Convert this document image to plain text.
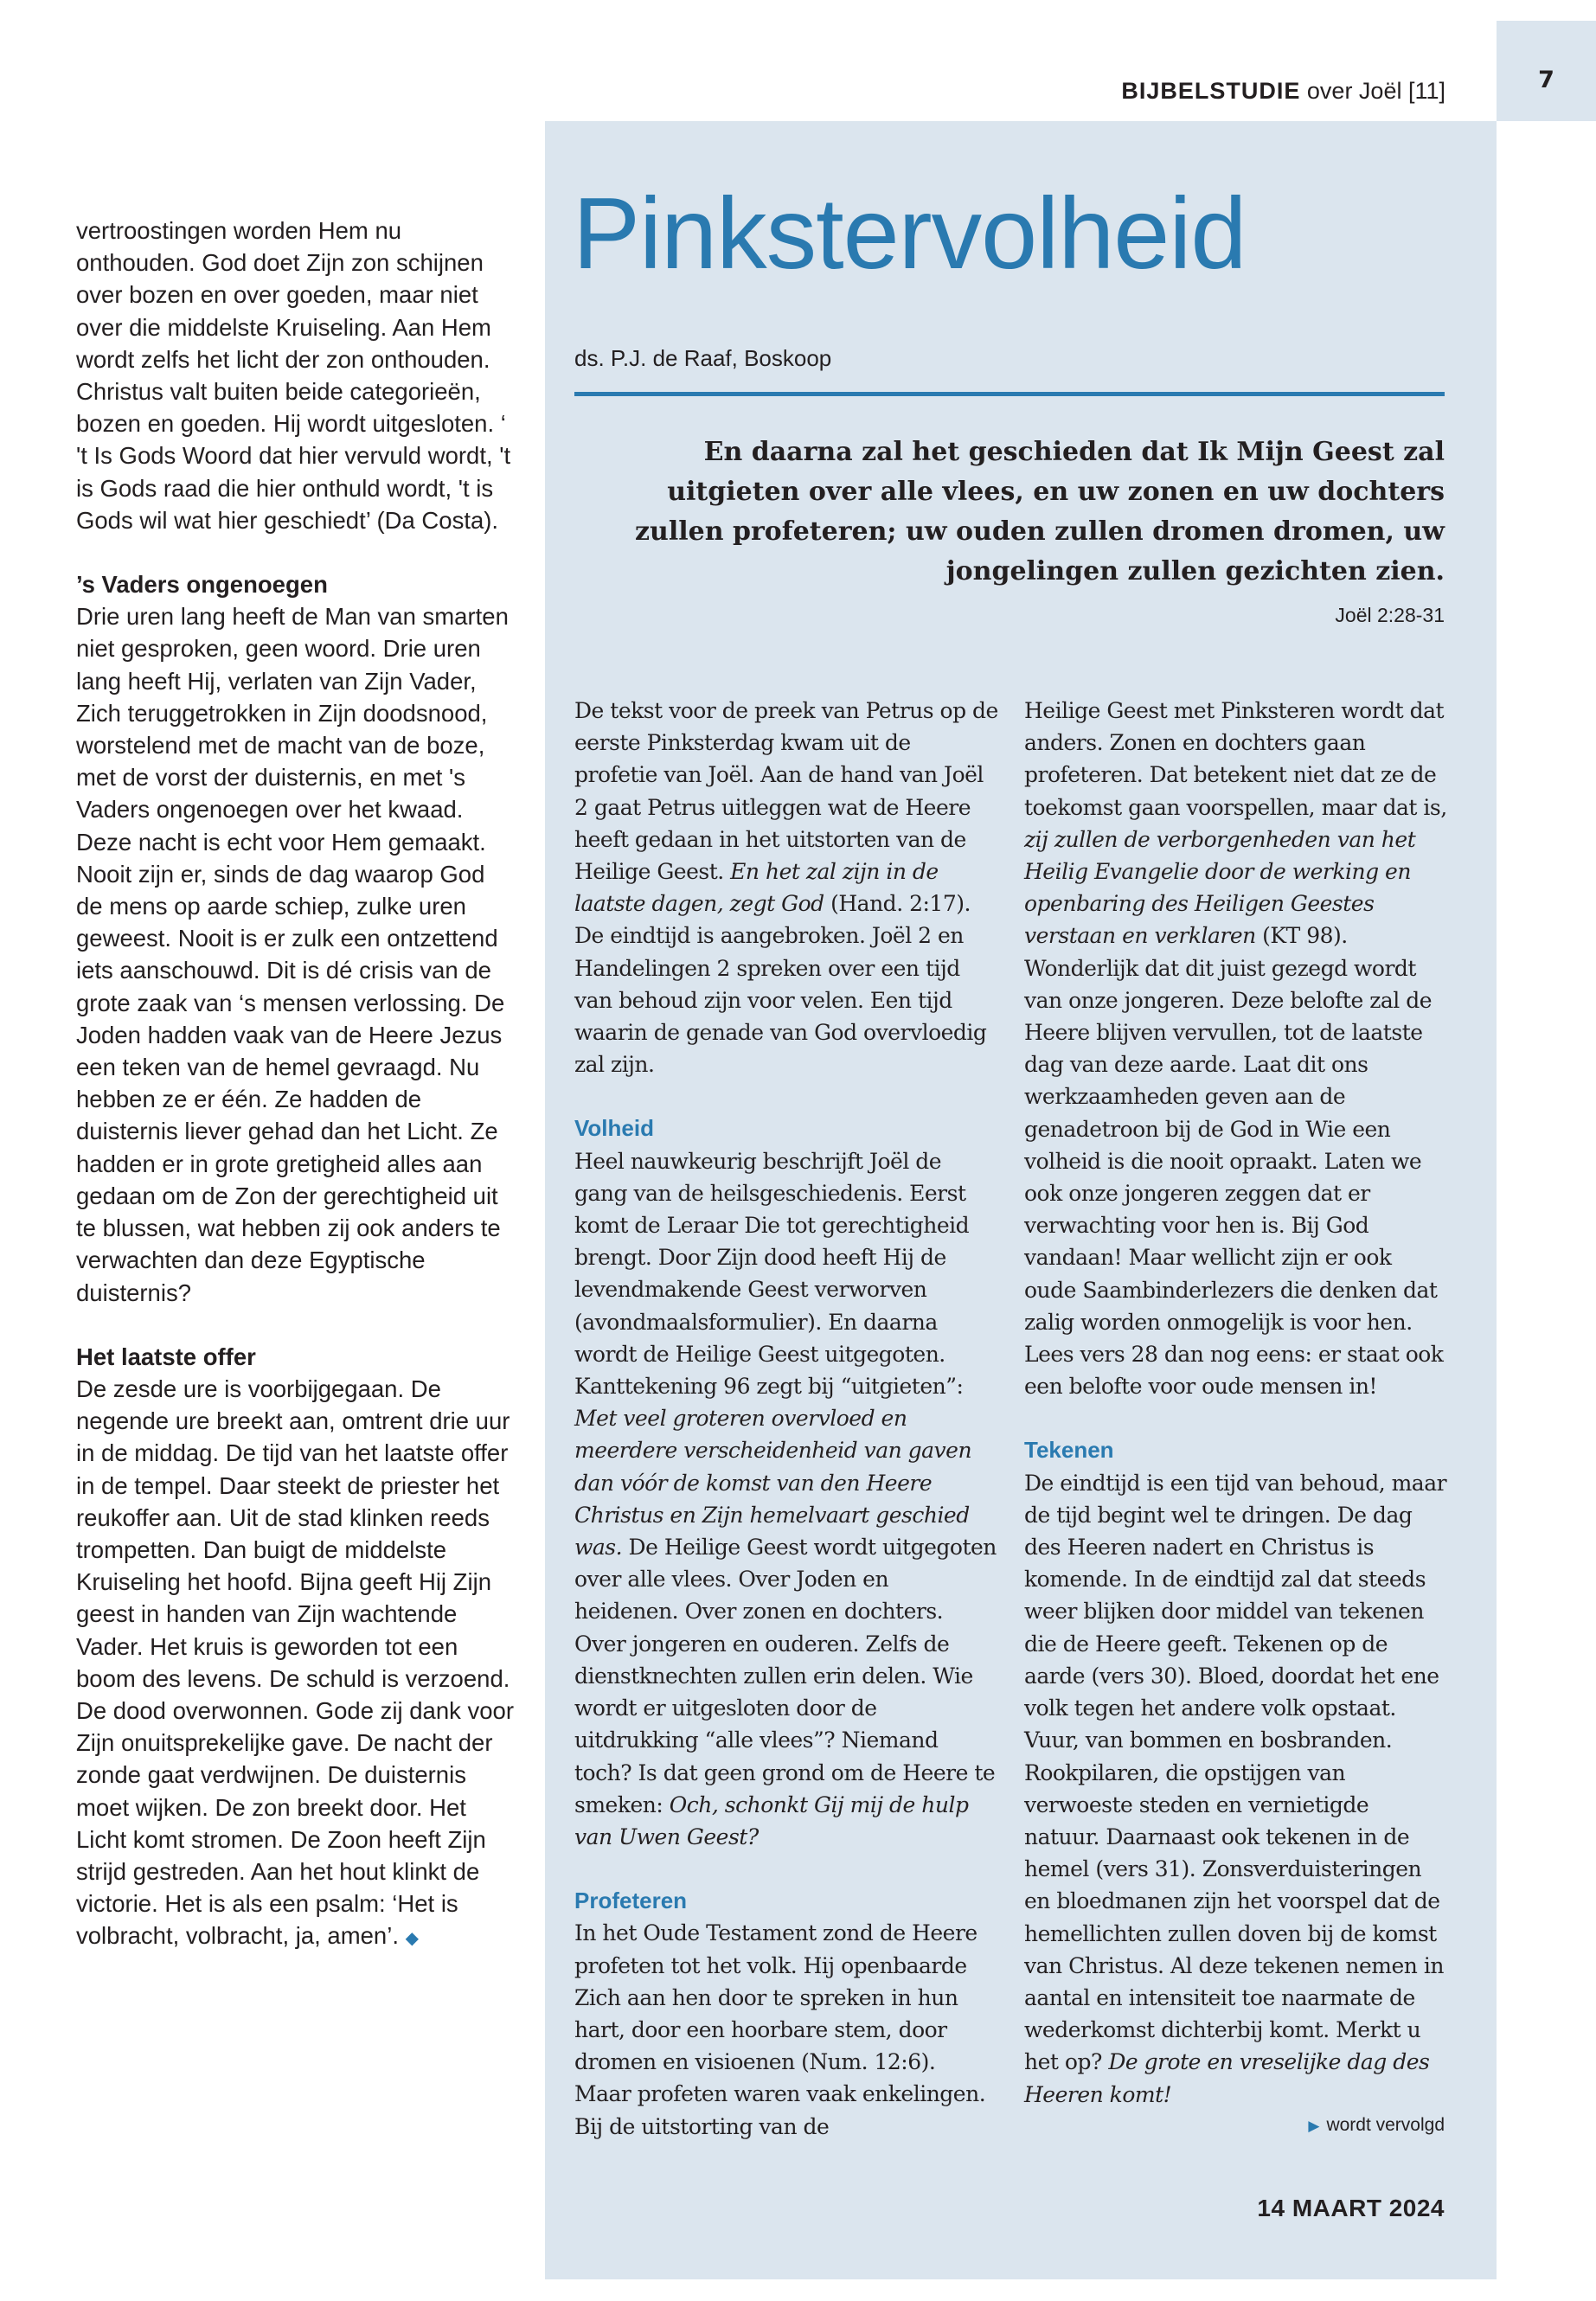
7
BIJBELSTUDIE over Joël [11]

vertroostingen worden Hem nu onthouden. God doet Zijn zon schijnen over bozen en over goeden, maar niet over die middelste Kruiseling. Aan Hem wordt zelfs het licht der zon onthouden. Christus valt buiten beide categorieën, bozen en goeden. Hij wordt uitgesloten. ‘ 't Is Gods Woord dat hier vervuld wordt, 't is Gods raad die hier onthuld wordt, 't is Gods wil wat hier geschiedt’ (Da Costa).

’s Vaders ongenoegen
Drie uren lang heeft de Man van smarten niet gesproken, geen woord. Drie uren lang heeft Hij, verlaten van Zijn Vader, Zich teruggetrokken in Zijn doodsnood, worstelend met de macht van de boze, met de vorst der duisternis, en met 's Vaders ongenoegen over het kwaad. Deze nacht is echt voor Hem gemaakt. Nooit zijn er, sinds de dag waarop God de mens op aarde schiep, zulke uren geweest. Nooit is er zulk een ontzettend iets aanschouwd. Dit is dé crisis van de grote zaak van ‘s mensen verlossing. De Joden hadden vaak van de Heere Jezus een teken van de hemel gevraagd. Nu hebben ze er één. Ze hadden de duisternis liever gehad dan het Licht. Ze hadden er in grote gretigheid alles aan gedaan om de Zon der gerechtigheid uit te blussen, wat hebben zij ook anders te verwachten dan deze Egyptische duisternis?

Het laatste offer
De zesde ure is voorbijgegaan. De negende ure breekt aan, omtrent drie uur in de middag. De tijd van het laatste offer in de tempel. Daar steekt de priester het reukoffer aan. Uit de stad klinken reeds trompetten. Dan buigt de middelste Kruiseling het hoofd. Bijna geeft Hij Zijn geest in handen van Zijn wachtende Vader. Het kruis is geworden tot een boom des levens. De schuld is verzoend. De dood overwonnen. Gode zij dank voor Zijn onuitsprekelijke gave. De nacht der zonde gaat verdwijnen. De duisternis moet wijken. De zon breekt door. Het Licht komt stromen. De Zoon heeft Zijn strijd gestreden. Aan het hout klinkt de victorie. Het is als een psalm: ‘Het is volbracht, volbracht, ja, amen’. ◆

Pinkstervolheid
ds. P.J. de Raaf, Boskoop
En daarna zal het geschieden dat Ik Mijn Geest zal uitgieten over alle vlees, en uw zonen en uw dochters zullen profeteren; uw ouden zullen dromen dromen, uw jongelingen zullen gezichten zien.
Joël 2:28-31

De tekst voor de preek van Petrus op de eerste Pinksterdag kwam uit de profetie van Joël. Aan de hand van Joël 2 gaat Petrus uitleggen wat de Heere heeft gedaan in het uitstorten van de Heilige Geest. En het zal zijn in de laatste dagen, zegt God (Hand. 2:17). De eindtijd is aangebroken. Joël 2 en Handelingen 2 spreken over een tijd van behoud zijn voor velen. Een tijd waarin de genade van God overvloedig zal zijn.

Volheid
Heel nauwkeurig beschrijft Joël de gang van de heilsgeschiedenis. Eerst komt de Leraar Die tot gerechtigheid brengt. Door Zijn dood heeft Hij de levendmakende Geest verworven (avondmaalsformulier). En daarna wordt de Heilige Geest uitgegoten. Kanttekening 96 zegt bij “uitgieten”: Met veel groteren overvloed en meerdere verscheidenheid van gaven dan vóór de komst van den Heere Christus en Zijn hemelvaart geschied was. De Heilige Geest wordt uitgegoten over alle vlees. Over Joden en heidenen. Over zonen en dochters. Over jongeren en ouderen. Zelfs de dienstknechten zullen erin delen. Wie wordt er uitgesloten door de uitdrukking “alle vlees”? Niemand toch? Is dat geen grond om de Heere te smeken: Och, schonkt Gij mij de hulp van Uwen Geest?

Profeteren
In het Oude Testament zond de Heere profeten tot het volk. Hij openbaarde Zich aan hen door te spreken in hun hart, door een hoorbare stem, door dromen en visioenen (Num. 12:6). Maar profeten waren vaak enkelingen. Bij de uitstorting van de

Heilige Geest met Pinksteren wordt dat anders. Zonen en dochters gaan profeteren. Dat betekent niet dat ze de toekomst gaan voorspellen, maar dat is, zij zullen de verborgenheden van het Heilig Evangelie door de werking en openbaring des Heiligen Geestes verstaan en verklaren (KT 98). Wonderlijk dat dit juist gezegd wordt van onze jongeren. Deze belofte zal de Heere blijven vervullen, tot de laatste dag van deze aarde. Laat dit ons werkzaamheden geven aan de genadetroon bij de God in Wie een volheid is die nooit opraakt. Laten we ook onze jongeren zeggen dat er verwachting voor hen is. Bij God vandaan! Maar wellicht zijn er ook oude Saambinderlezers die denken dat zalig worden onmogelijk is voor hen. Lees vers 28 dan nog eens: er staat ook een belofte voor oude mensen in!

Tekenen
De eindtijd is een tijd van behoud, maar de tijd begint wel te dringen. De dag des Heeren nadert en Christus is komende. In de eindtijd zal dat steeds weer blijken door middel van tekenen die de Heere geeft. Tekenen op de aarde (vers 30). Bloed, doordat het ene volk tegen het andere volk opstaat. Vuur, van bommen en bosbranden. Rookpilaren, die opstijgen van verwoeste steden en vernietigde natuur. Daarnaast ook tekenen in de hemel (vers 31). Zonsverduisteringen en bloedmanen zijn het voorspel dat de hemellichten zullen doven bij de komst van Christus. Al deze tekenen nemen in aantal en intensiteit toe naarmate de wederkomst dichterbij komt. Merkt u het op? De grote en vreselijke dag des Heeren komt!

▶ wordt vervolgd
14 MAART 2024
